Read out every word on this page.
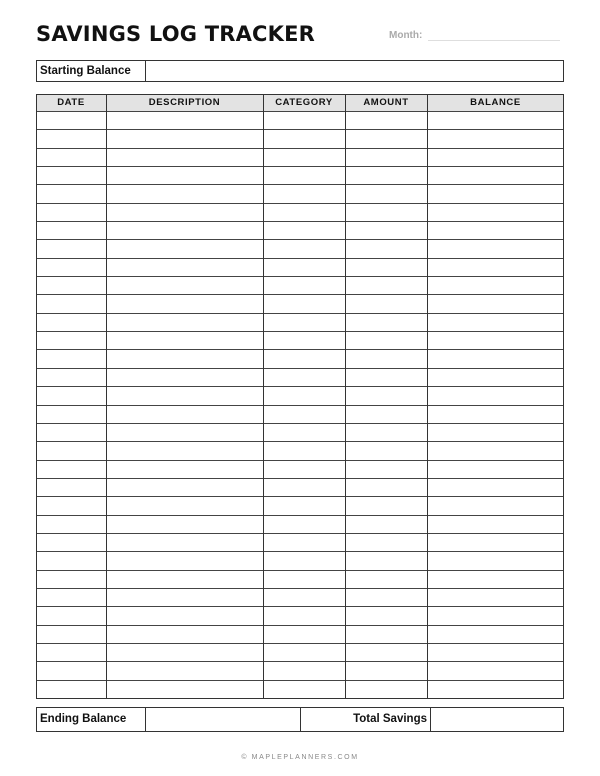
SAVINGS LOG TRACKER	Month:
Starting Balance
DATE	DESCRIPTION	CATEGORY	AMOUNT	BALANCE
Ending Balance	Total Savings
© MAPLEPLANNERS.COM
